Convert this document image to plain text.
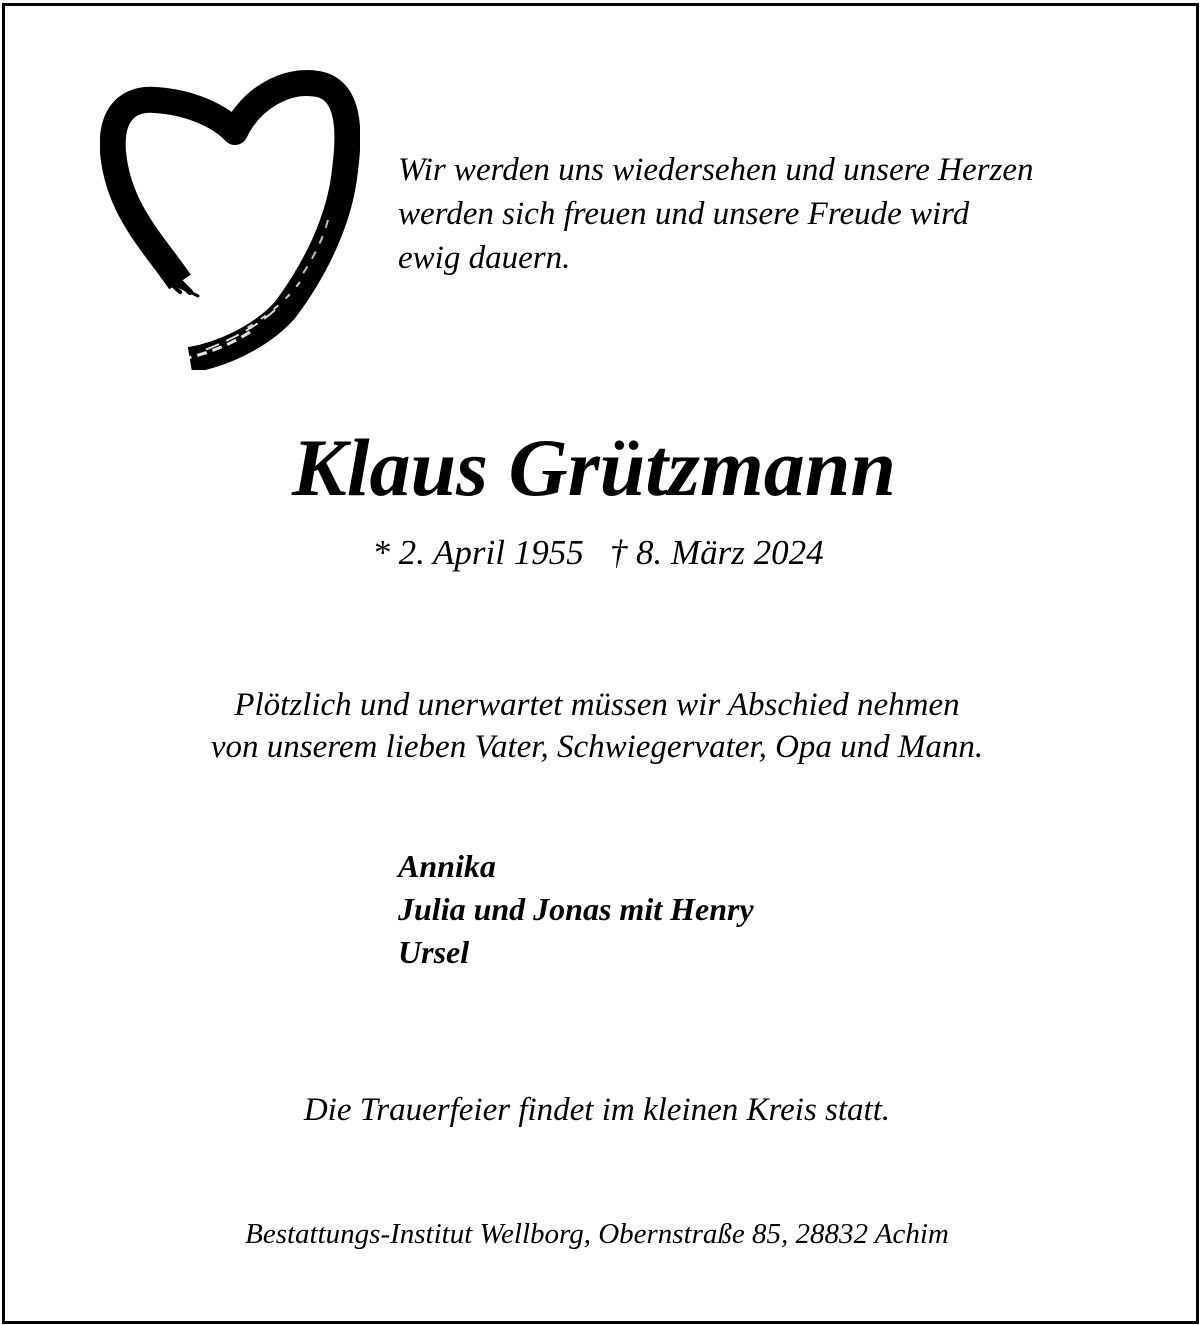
Wir werden uns wiedersehen und unsere Herzen
werden sich freuen und unsere Freude wird
ewig dauern.
Klaus Grützmann
* 2. April 1955 † 8. März 2024
Plötzlich und unerwartet müssen wir Abschied nehmen
von unserem lieben Vater, Schwiegervater, Opa und Mann.
Annika
Julia und Jonas mit Henry
Ursel
Die Trauerfeier findet im kleinen Kreis statt.
Bestattungs-Institut Wellborg, Obernstraße 85, 28832 Achim
